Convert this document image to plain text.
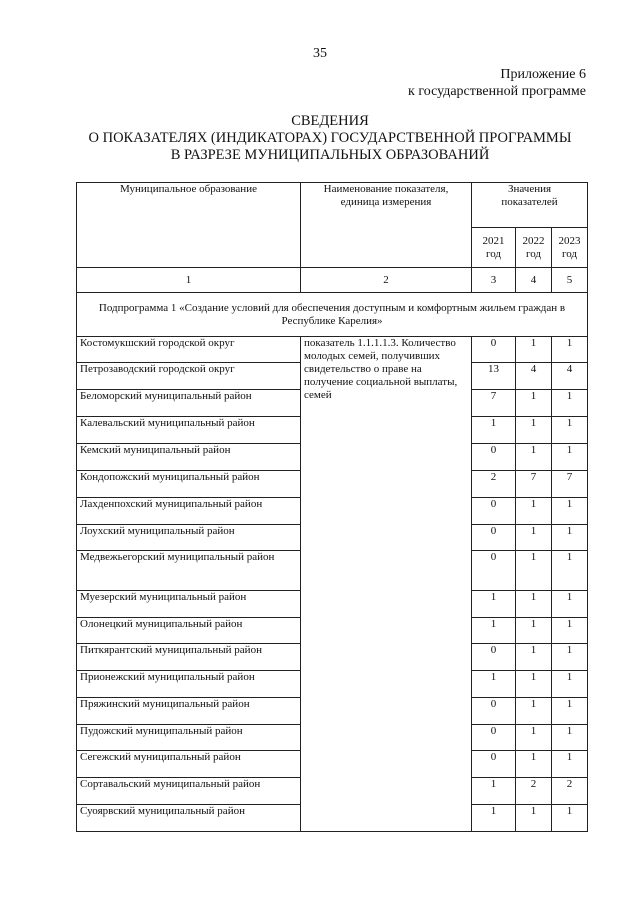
35
Приложение 6
к государственной программе
СВЕДЕНИЯ
О ПОКАЗАТЕЛЯХ (ИНДИКАТОРАХ) ГОСУДАРСТВЕННОЙ ПРОГРАММЫ
В РАЗРЕЗЕ МУНИЦИПАЛЬНЫХ ОБРАЗОВАНИЙ
Муниципальное образование	Наименование показателя, единица измерения	Значения показателей		
		2021 год	2022 год	2023 год
1	2	3	4	5
Подпрограмма 1 «Создание условий для обеспечения доступным и комфортным жильем граждан в Республике Карелия»				
Костомукшский городской округ	показатель 1.1.1.1.3. Количество молодых семей, получивших свидетельство о праве на получение социальной выплаты, семей	0	1	1
Петрозаводский городской округ		13	4	4
Беломорский муниципальный район		7	1	1
Калевальский муниципальный район		1	1	1
Кемский муниципальный район		0	1	1
Кондопожский муниципальный район		2	7	7
Лахденпохский муниципальный район		0	1	1
Лоухский муниципальный район		0	1	1
Медвежьегорский муниципальный район		0	1	1
Муезерский муниципальный район		1	1	1
Олонецкий муниципальный район		1	1	1
Питкярантский муниципальный район		0	1	1
Прионежский муниципальный район		1	1	1
Пряжинский муниципальный район		0	1	1
Пудожский муниципальный район		0	1	1
Сегежский муниципальный район		0	1	1
Сортавальский муниципальный район		1	2	2
Суоярвский муниципальный район		1	1	1
